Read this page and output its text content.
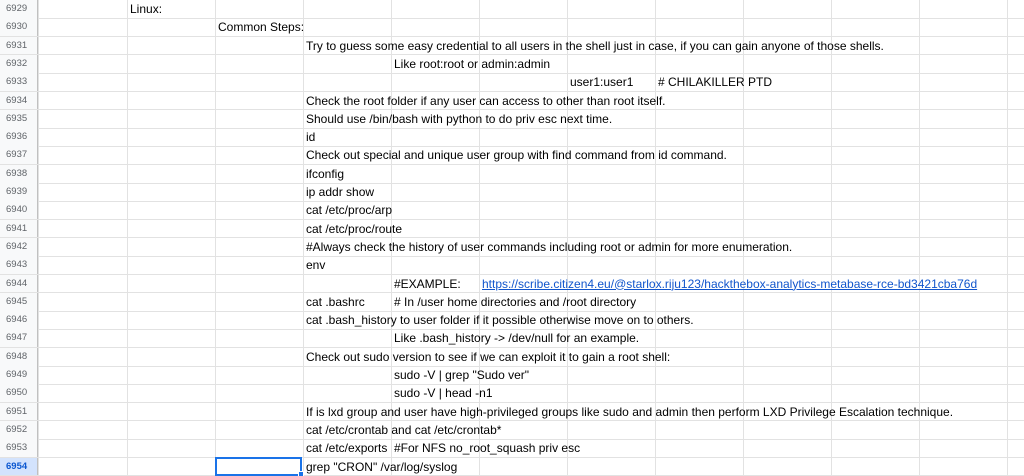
6929	Linux:
6930	Common Steps:
6931	Try to guess some easy credential to all users in the shell just in case, if you can gain anyone of those shells.
6932	Like root:root or admin:admin
6933	user1:user1 # CHILAKILLER PTD
6934	Check the root folder if any user can access to other than root itself.
6935	Should use /bin/bash with python to do priv esc next time.
6936	id
6937	Check out special and unique user group with find command from id command.
6938	ifconfig
6939	ip addr show
6940	cat /etc/proc/arp
6941	cat /etc/proc/route
6942	#Always check the history of user commands including root or admin for more enumeration.
6943	env
6944	#EXAMPLE: https://scribe.citizen4.eu/@starlox.riju123/hackthebox-analytics-metabase-rce-bd3421cba76d
6945	cat .bashrc # In /user home directories and /root directory
6946	cat .bash_history to user folder if it possible otherwise move on to others.
6947	Like .bash_history -> /dev/null for an example.
6948	Check out sudo version to see if we can exploit it to gain a root shell:
6949	sudo -V | grep "Sudo ver"
6950	sudo -V | head -n1
6951	If is lxd group and user have high-privileged groups like sudo and admin then perform LXD Privilege Escalation technique.
6952	cat /etc/crontab and cat /etc/crontab*
6953	cat /etc/exports #For NFS no_root_squash priv esc
6954	grep "CRON" /var/log/syslog
